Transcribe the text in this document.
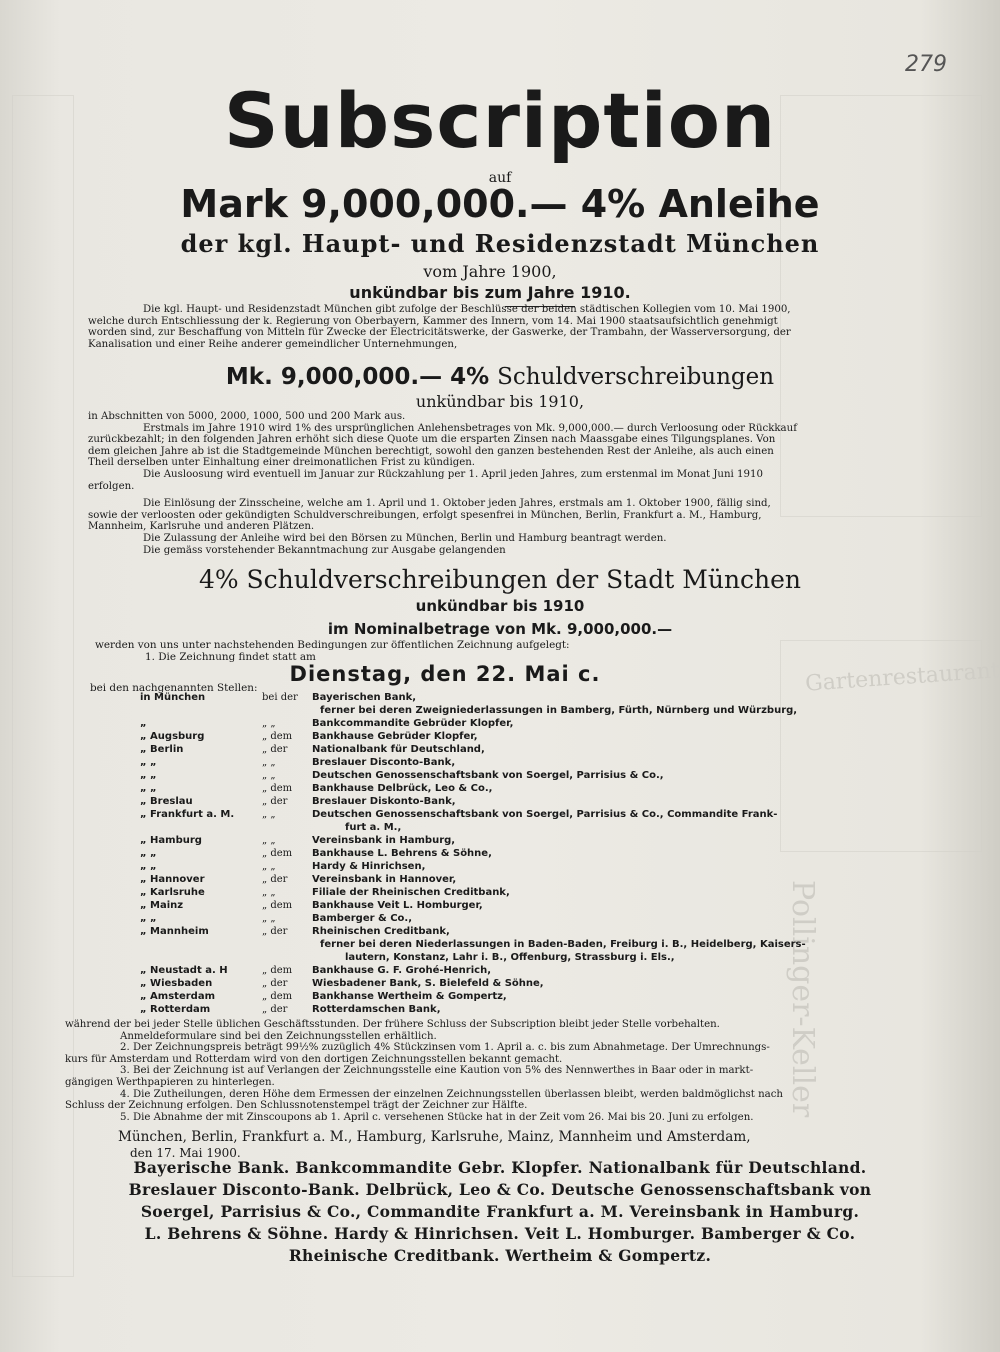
Pollinger-Keller
Gartenrestaurant
279
Subscription
auf
Mark 9,000,000.— 4% Anleihe
der kgl. Haupt- und Residenzstadt München
vom Jahre 1900,
unkündbar bis zum Jahre 1910.
Die kgl. Haupt- und Residenzstadt München gibt zufolge der Beschlüsse der beiden städtischen Kollegien vom 10. Mai 1900,
welche durch Entschliessung der k. Regierung von Oberbayern, Kammer des Innern, vom 14. Mai 1900 staatsaufsichtlich genehmigt
worden sind, zur Beschaffung von Mitteln für Zwecke der Electricitätswerke, der Gaswerke, der Trambahn, der Wasserversorgung, der
Kanalisation und einer Reihe anderer gemeindlicher Unternehmungen,
Mk. 9,000,000.— 4% Schuldverschreibungen
unkündbar bis 1910,
in Abschnitten von 5000, 2000, 1000, 500 und 200 Mark aus.
Erstmals im Jahre 1910 wird 1% des ursprünglichen Anlehensbetrages von Mk. 9,000,000.— durch Verloosung oder Rückkauf
zurückbezahlt; in den folgenden Jahren erhöht sich diese Quote um die ersparten Zinsen nach Maassgabe eines Tilgungsplanes. Von
dem gleichen Jahre ab ist die Stadtgemeinde München berechtigt, sowohl den ganzen bestehenden Rest der Anleihe, als auch einen
Theil derselben unter Einhaltung einer dreimonatlichen Frist zu kündigen.
Die Ausloosung wird eventuell im Januar zur Rückzahlung per 1. April jeden Jahres, zum erstenmal im Monat Juni 1910
erfolgen.
Die Einlösung der Zinsscheine, welche am 1. April und 1. Oktober jeden Jahres, erstmals am 1. Oktober 1900, fällig sind,
sowie der verloosten oder gekündigten Schuldverschreibungen, erfolgt spesenfrei in München, Berlin, Frankfurt a. M., Hamburg,
Mannheim, Karlsruhe und anderen Plätzen.
Die Zulassung der Anleihe wird bei den Börsen zu München, Berlin und Hamburg beantragt werden.
Die gemäss vorstehender Bekanntmachung zur Ausgabe gelangenden
4% Schuldverschreibungen der Stadt München
unkündbar bis 1910
im Nominalbetrage von Mk. 9,000,000.—
werden von uns unter nachstehenden Bedingungen zur öffentlichen Zeichnung aufgelegt:
1. Die Zeichnung findet statt am
Dienstag, den 22. Mai c.
bei den nachgenannten Stellen:
in München	bei der Bayerischen Bank,
ferner bei deren Zweigniederlassungen in Bamberg, Fürth, Nürnberg und Würzburg,
„	„ „	Bankcommandite Gebrüder Klopfer,
„ Augsburg	„ dem Bankhause Gebrüder Klopfer,
„ Berlin	„ der Nationalbank für Deutschland,
„ „	„ „	Breslauer Disconto-Bank,
„ „	„ „	Deutschen Genossenschaftsbank von Soergel, Parrisius & Co.,
„ „	„ dem Bankhause Delbrück, Leo & Co.,
„ Breslau	„ der Breslauer Diskonto-Bank,
„ Frankfurt a. M.	„ „	Deutschen Genossenschaftsbank von Soergel, Parrisius & Co., Commandite Frank-
furt a. M.,
„ Hamburg	„ „	Vereinsbank in Hamburg,
„ „	„ dem Bankhause L. Behrens & Söhne,
„ „	„ „	Hardy & Hinrichsen,
„ Hannover	„ der Vereinsbank in Hannover,
„ Karlsruhe	„ „	Filiale der Rheinischen Creditbank,
„ Mainz	„ dem Bankhause Veit L. Homburger,
„ „	„ „	Bamberger & Co.,
„ Mannheim	„ der Rheinischen Creditbank,
ferner bei deren Niederlassungen in Baden-Baden, Freiburg i. B., Heidelberg, Kaisers-
lautern, Konstanz, Lahr i. B., Offenburg, Strassburg i. Els.,
„ Neustadt a. H	„ dem Bankhause G. F. Grohé-Henrich,
„ Wiesbaden	„ der Wiesbadener Bank, S. Bielefeld & Söhne,
„ Amsterdam	„ dem Bankhanse Wertheim & Gompertz,
„ Rotterdam	„ der Rotterdamschen Bank,
während der bei jeder Stelle üblichen Geschäftsstunden. Der frühere Schluss der Subscription bleibt jeder Stelle vorbehalten.
Anmeldeformulare sind bei den Zeichnungsstellen erhältlich.
2. Der Zeichnungspreis beträgt 99½% zuzüglich 4% Stückzinsen vom 1. April a. c. bis zum Abnahmetage. Der Umrechnungs-
kurs für Amsterdam und Rotterdam wird von den dortigen Zeichnungsstellen bekannt gemacht.
3. Bei der Zeichnung ist auf Verlangen der Zeichnungsstelle eine Kaution von 5% des Nennwerthes in Baar oder in markt-
gängigen Werthpapieren zu hinterlegen.
4. Die Zutheilungen, deren Höhe dem Ermessen der einzelnen Zeichnungsstellen überlassen bleibt, werden baldmöglichst nach
Schluss der Zeichnung erfolgen. Den Schlussnotenstempel trägt der Zeichner zur Hälfte.
5. Die Abnahme der mit Zinscoupons ab 1. April c. versehenen Stücke hat in der Zeit vom 26. Mai bis 20. Juni zu erfolgen.
München, Berlin, Frankfurt a. M., Hamburg, Karlsruhe, Mainz, Mannheim und Amsterdam,
den 17. Mai 1900.
Bayerische Bank. Bankcommandite Gebr. Klopfer. Nationalbank für Deutschland.
Breslauer Disconto-Bank. Delbrück, Leo & Co. Deutsche Genossenschaftsbank von
Soergel, Parrisius & Co., Commandite Frankfurt a. M. Vereinsbank in Hamburg.
L. Behrens & Söhne. Hardy & Hinrichsen. Veit L. Homburger. Bamberger & Co.
Rheinische Creditbank. Wertheim & Gompertz.
